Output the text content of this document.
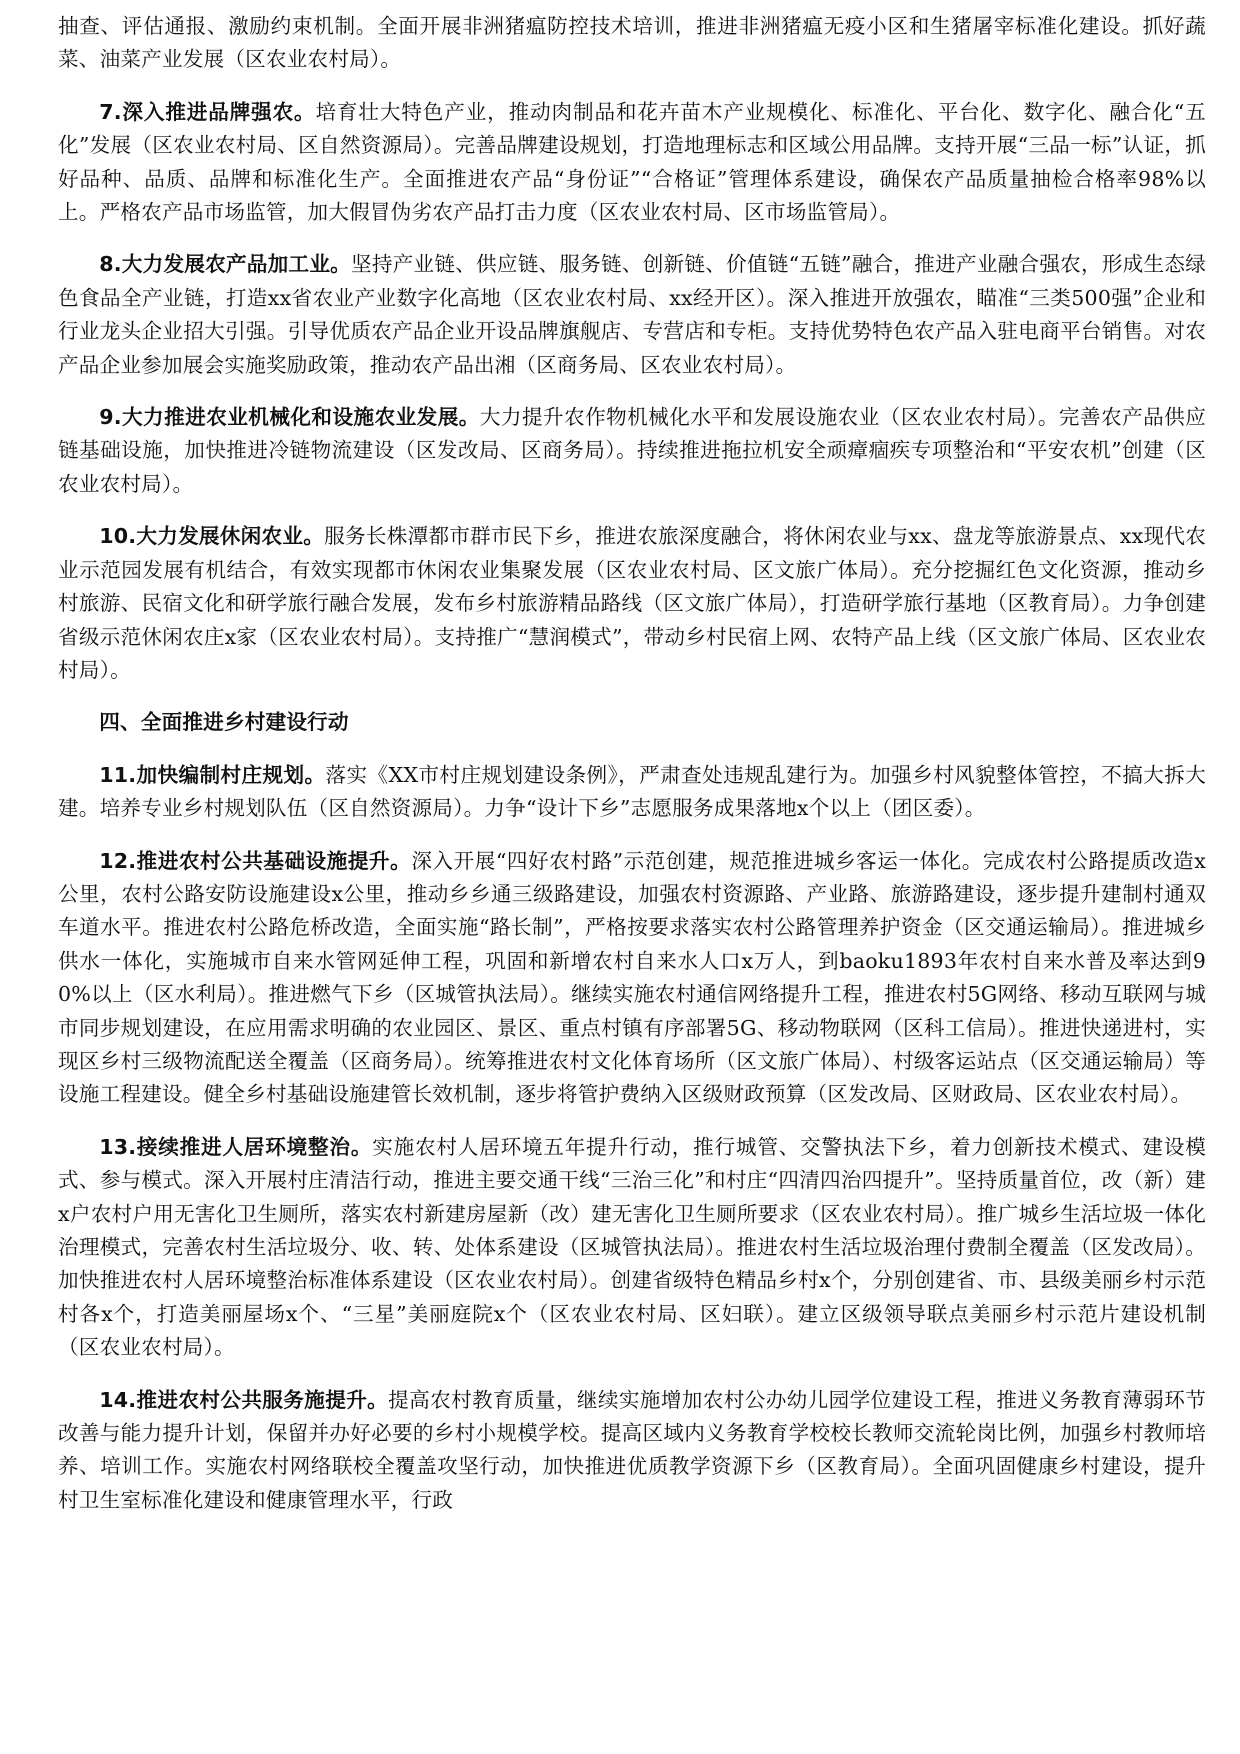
抽查、评估通报、激励约束机制。全面开展非洲猪瘟防控技术培训，推进非洲猪瘟无疫小区和生猪屠宰标准化建设。抓好蔬菜、油菜产业发展（区农业农村局）。

7.深入推进品牌强农。培育壮大特色产业，推动肉制品和花卉苗木产业规模化、标准化、平台化、数字化、融合化“五化”发展（区农业农村局、区自然资源局）。完善品牌建设规划，打造地理标志和区域公用品牌。支持开展“三品一标”认证，抓好品种、品质、品牌和标准化生产。全面推进农产品“身份证”“合格证”管理体系建设，确保农产品质量抽检合格率98%以上。严格农产品市场监管，加大假冒伪劣农产品打击力度（区农业农村局、区市场监管局）。

8.大力发展农产品加工业。坚持产业链、供应链、服务链、创新链、价值链“五链”融合，推进产业融合强农，形成生态绿色食品全产业链，打造xx省农业产业数字化高地（区农业农村局、xx经开区）。深入推进开放强农，瞄准“三类500强”企业和行业龙头企业招大引强。引导优质农产品企业开设品牌旗舰店、专营店和专柜。支持优势特色农产品入驻电商平台销售。对农产品企业参加展会实施奖励政策，推动农产品出湘（区商务局、区农业农村局）。

9.大力推进农业机械化和设施农业发展。大力提升农作物机械化水平和发展设施农业（区农业农村局）。完善农产品供应链基础设施，加快推进冷链物流建设（区发改局、区商务局）。持续推进拖拉机安全顽瘴痼疾专项整治和“平安农机”创建（区农业农村局）。

10.大力发展休闲农业。服务长株潭都市群市民下乡，推进农旅深度融合，将休闲农业与xx、盘龙等旅游景点、xx现代农业示范园发展有机结合，有效实现都市休闲农业集聚发展（区农业农村局、区文旅广体局）。充分挖掘红色文化资源，推动乡村旅游、民宿文化和研学旅行融合发展，发布乡村旅游精品路线（区文旅广体局），打造研学旅行基地（区教育局）。力争创建省级示范休闲农庄x家（区农业农村局）。支持推广“慧润模式”，带动乡村民宿上网、农特产品上线（区文旅广体局、区农业农村局）。

四、全面推进乡村建设行动

11.加快编制村庄规划。落实《XX市村庄规划建设条例》，严肃查处违规乱建行为。加强乡村风貌整体管控，不搞大拆大建。培养专业乡村规划队伍（区自然资源局）。力争“设计下乡”志愿服务成果落地x个以上（团区委）。

12.推进农村公共基础设施提升。深入开展“四好农村路”示范创建，规范推进城乡客运一体化。完成农村公路提质改造x公里，农村公路安防设施建设x公里，推动乡乡通三级路建设，加强农村资源路、产业路、旅游路建设，逐步提升建制村通双车道水平。推进农村公路危桥改造，全面实施“路长制”，严格按要求落实农村公路管理养护资金（区交通运输局）。推进城乡供水一体化，实施城市自来水管网延伸工程，巩固和新增农村自来水人口x万人，到baoku1893年农村自来水普及率达到90%以上（区水利局）。推进燃气下乡（区城管执法局）。继续实施农村通信网络提升工程，推进农村5G网络、移动互联网与城市同步规划建设，在应用需求明确的农业园区、景区、重点村镇有序部署5G、移动物联网（区科工信局）。推进快递进村，实现区乡村三级物流配送全覆盖（区商务局）。统筹推进农村文化体育场所（区文旅广体局）、村级客运站点（区交通运输局）等设施工程建设。健全乡村基础设施建管长效机制，逐步将管护费纳入区级财政预算（区发改局、区财政局、区农业农村局）。

13.接续推进人居环境整治。实施农村人居环境五年提升行动，推行城管、交警执法下乡，着力创新技术模式、建设模式、参与模式。深入开展村庄清洁行动，推进主要交通干线“三治三化”和村庄“四清四治四提升”。坚持质量首位，改（新）建x户农村户用无害化卫生厕所，落实农村新建房屋新（改）建无害化卫生厕所要求（区农业农村局）。推广城乡生活垃圾一体化治理模式，完善农村生活垃圾分、收、转、处体系建设（区城管执法局）。推进农村生活垃圾治理付费制全覆盖（区发改局）。加快推进农村人居环境整治标准体系建设（区农业农村局）。创建省级特色精品乡村x个，分别创建省、市、县级美丽乡村示范村各x个，打造美丽屋场x个、“三星”美丽庭院x个（区农业农村局、区妇联）。建立区级领导联点美丽乡村示范片建设机制（区农业农村局）。

14.推进农村公共服务施提升。提高农村教育质量，继续实施增加农村公办幼儿园学位建设工程，推进义务教育薄弱环节改善与能力提升计划，保留并办好必要的乡村小规模学校。提高区域内义务教育学校校长教师交流轮岗比例，加强乡村教师培养、培训工作。实施农村网络联校全覆盖攻坚行动，加快推进优质教学资源下乡（区教育局）。全面巩固健康乡村建设，提升村卫生室标准化建设和健康管理水平，行政
